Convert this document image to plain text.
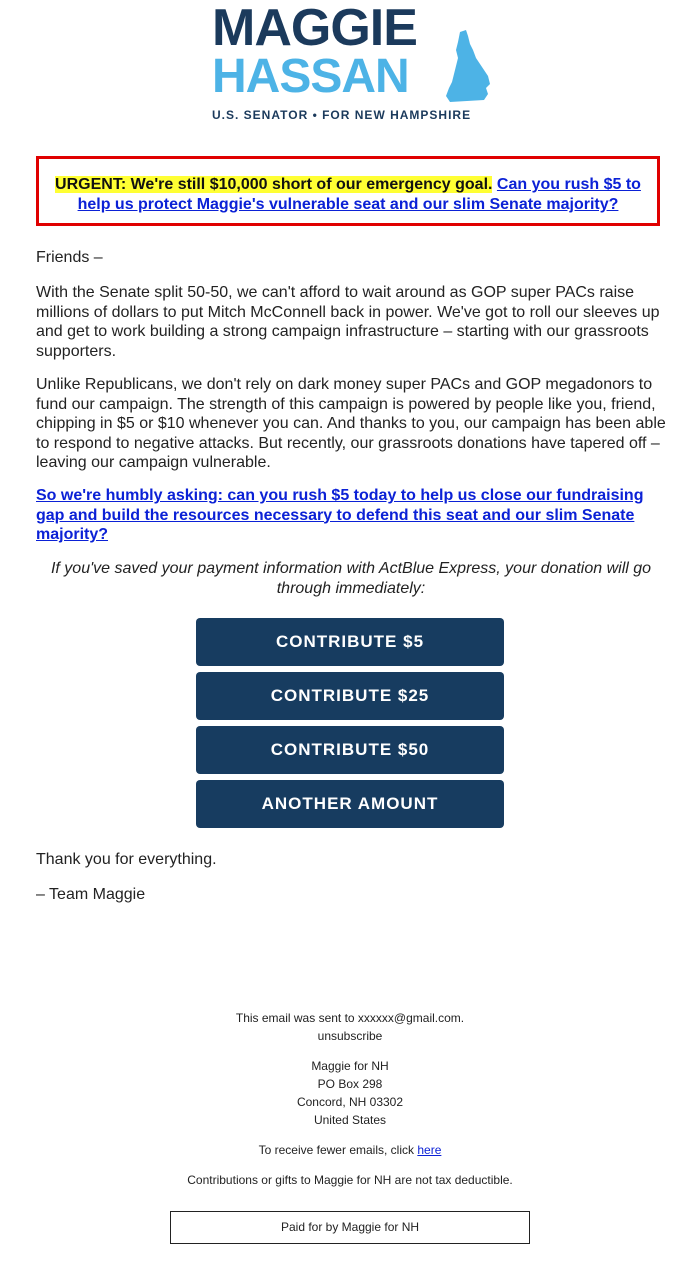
MAGGIE
HASSAN
U.S. SENATOR • FOR NEW HAMPSHIRE
URGENT: We're still $10,000 short of our emergency goal. Can you rush $5 to help us protect Maggie's vulnerable seat and our slim Senate majority?
Friends –
With the Senate split 50-50, we can't afford to wait around as GOP super PACs raise millions of dollars to put Mitch McConnell back in power. We've got to roll our sleeves up and get to work building a strong campaign infrastructure – starting with our grassroots supporters.
Unlike Republicans, we don't rely on dark money super PACs and GOP megadonors to fund our campaign. The strength of this campaign is powered by people like you, friend, chipping in $5 or $10 whenever you can. And thanks to you, our campaign has been able to respond to negative attacks. But recently, our grassroots donations have tapered off – leaving our campaign vulnerable.
So we're humbly asking: can you rush $5 today to help us close our fundraising gap and build the resources necessary to defend this seat and our slim Senate majority?
If you've saved your payment information with ActBlue Express, your donation will go through immediately:
CONTRIBUTE $5
CONTRIBUTE $25
CONTRIBUTE $50
ANOTHER AMOUNT
Thank you for everything.
– Team Maggie
This email was sent to xxxxxx@gmail.com.
unsubscribe
Maggie for NH
PO Box 298
Concord, NH 03302
United States
To receive fewer emails, click here
Contributions or gifts to Maggie for NH are not tax deductible.
Paid for by Maggie for NH
